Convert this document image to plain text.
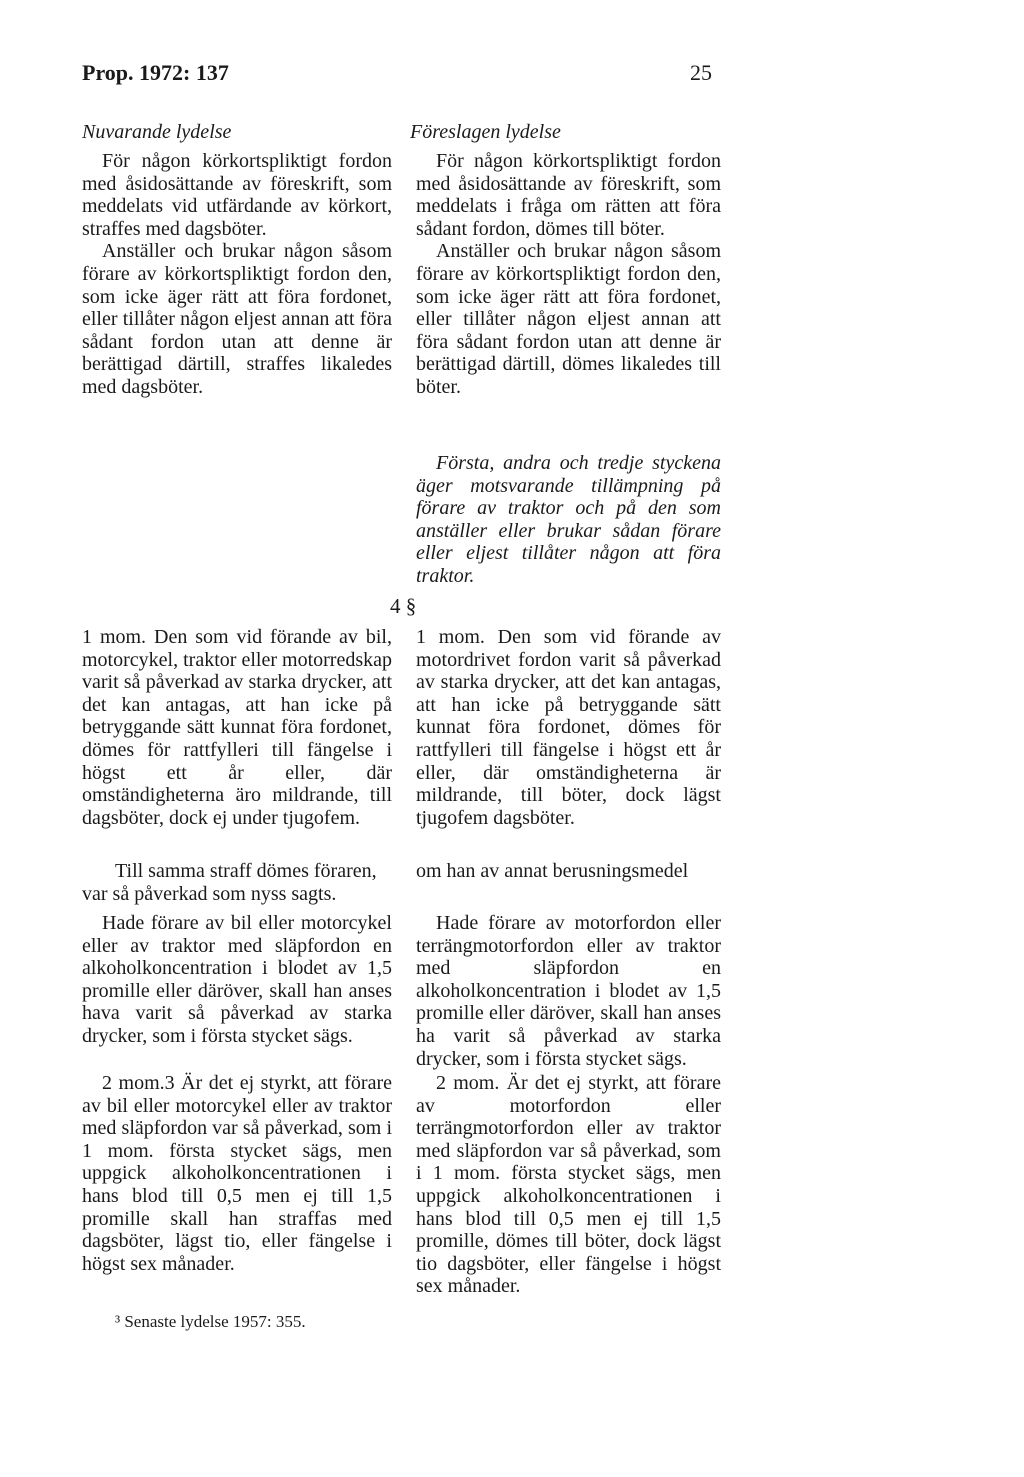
Prop. 1972: 137	25
Nuvarande lydelse	Föreslagen lydelse

För någon körkortspliktigt fordon med åsidosättande av föreskrift, som meddelats vid utfärdande av körkort, straffes med dagsböter.

Anställer och brukar någon såsom förare av körkortspliktigt fordon den, som icke äger rätt att föra fordonet, eller tillåter någon eljest annan att föra sådant fordon utan att denne är berättigad därtill, straffes likaledes med dagsböter.

För någon körkortspliktigt fordon med åsidosättande av föreskrift, som meddelats i fråga om rätten att föra sådant fordon, dömes till böter.

Anställer och brukar någon såsom förare av körkortspliktigt fordon den, som icke äger rätt att föra fordonet, eller tillåter någon eljest annan att föra sådant fordon utan att denne är berättigad därtill, dömes likaledes till böter.

Första, andra och tredje styckena äger motsvarande tillämpning på förare av traktor och på den som anställer eller brukar sådan förare eller eljest tillåter någon att föra traktor.

4 §

1 mom. Den som vid förande av bil, motorcykel, traktor eller motorredskap varit så påverkad av starka drycker, att det kan antagas, att han icke på betryggande sätt kunnat föra fordonet, dömes för rattfylleri till fängelse i högst ett år eller, där omständigheterna äro mildrande, till dagsböter, dock ej under tjugofem.

1 mom. Den som vid förande av motordrivet fordon varit så påverkad av starka drycker, att det kan antagas, att han icke på betryggande sätt kunnat föra fordonet, dömes för rattfylleri till fängelse i högst ett år eller, där omständigheterna är mildrande, till böter, dock lägst tjugofem dagsböter.

Till samma straff dömes föraren, om han av annat berusningsmedel
var så påverkad som nyss sagts.

Hade förare av bil eller motorcykel eller av traktor med släpfordon en alkoholkoncentration i blodet av 1,5 promille eller däröver, skall han anses hava varit så påverkad av starka drycker, som i första stycket sägs.

Hade förare av motorfordon eller terrängmotorfordon eller av traktor med släpfordon en alkoholkoncentration i blodet av 1,5 promille eller däröver, skall han anses ha varit så påverkad av starka drycker, som i första stycket sägs.

2 mom.3 Är det ej styrkt, att förare av bil eller motorcykel eller av traktor med släpfordon var så påverkad, som i 1 mom. första stycket sägs, men uppgick alkoholkoncentrationen i hans blod till 0,5 men ej till 1,5 promille skall han straffas med dagsböter, lägst tio, eller fängelse i högst sex månader.

2 mom. Är det ej styrkt, att förare av motorfordon eller terrängmotorfordon eller av traktor med släpfordon var så påverkad, som i 1 mom. första stycket sägs, men uppgick alkoholkoncentrationen i hans blod till 0,5 men ej till 1,5 promille, dömes till böter, dock lägst tio dagsböter, eller fängelse i högst sex månader.

³ Senaste lydelse 1957: 355.
